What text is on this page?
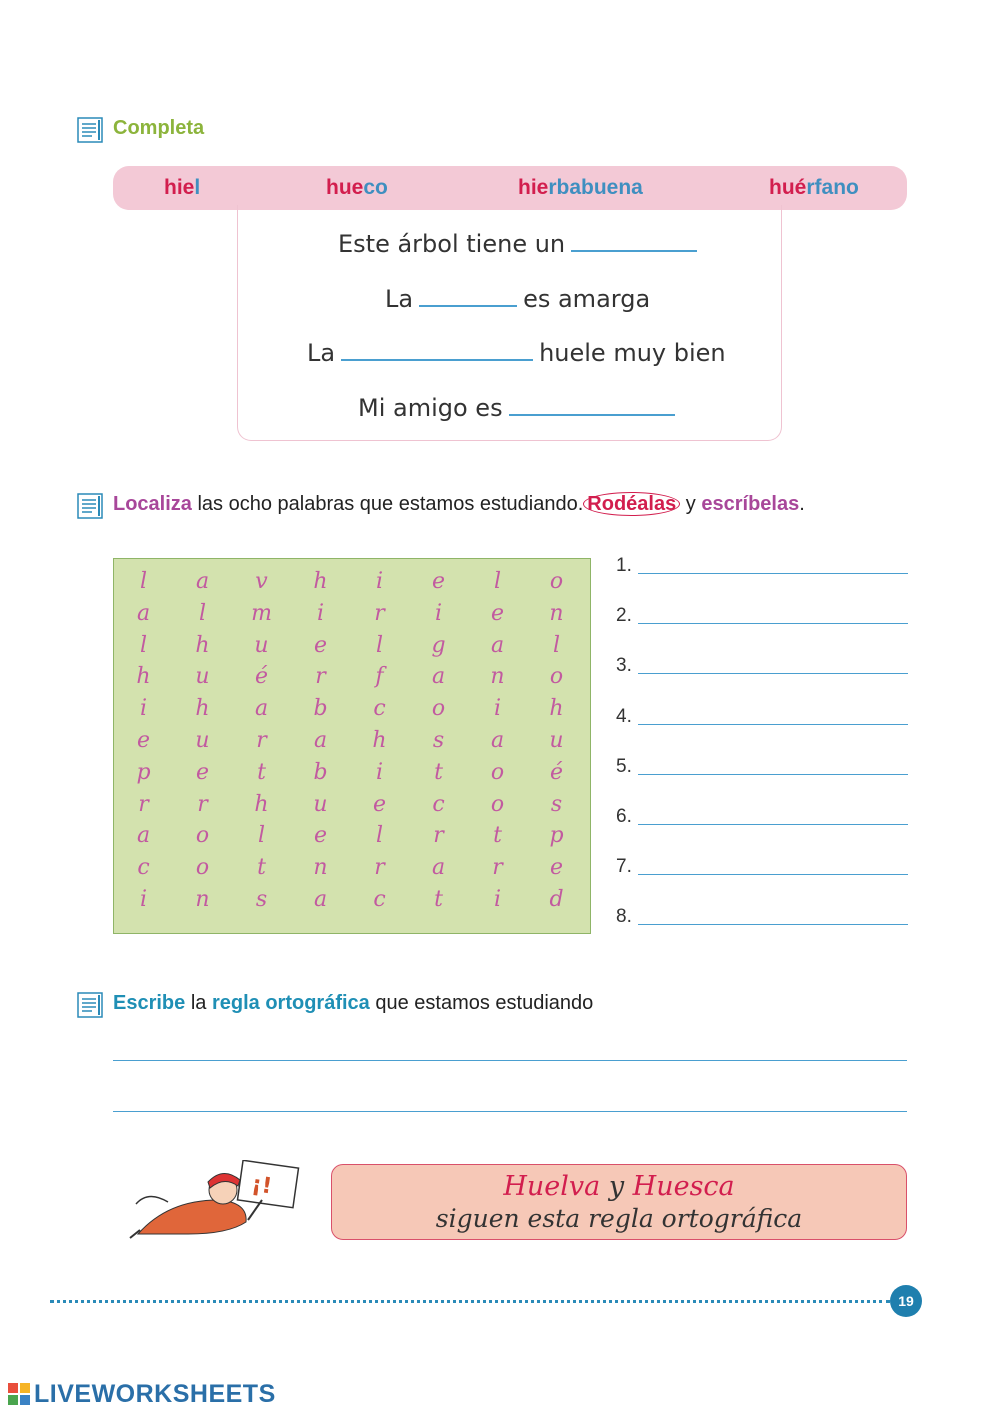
Completa
hiel	hueco	hierbabuena	huérfano
Este árbol tiene un
La	es amarga
La	huele muy bien
Mi amigo es
Localiza las ocho palabras que estamos estudiando. Rodéalas y escríbelas.
l	a	v	h	i	e	l	o
a	l	m	i	r	i	e	n
l	h	u	e	l	g	a	l
h	u	é	r	f	a	n	o
i	h	a	b	c	o	i	h
e	u	r	a	h	s	a	u
p	e	t	b	i	t	o	é
r	r	h	u	e	c	o	s
a	o	l	e	l	r	t	p
c	o	t	n	r	a	r	e
i	n	s	a	c	t	i	d
1.
2.
3.
4.
5.
6.
7.
8.
Escribe la regla ortográfica que estamos estudiando
¡!	Huelva y Huesca
siguen esta regla ortográfica
19
LIVEWORKSHEETS
